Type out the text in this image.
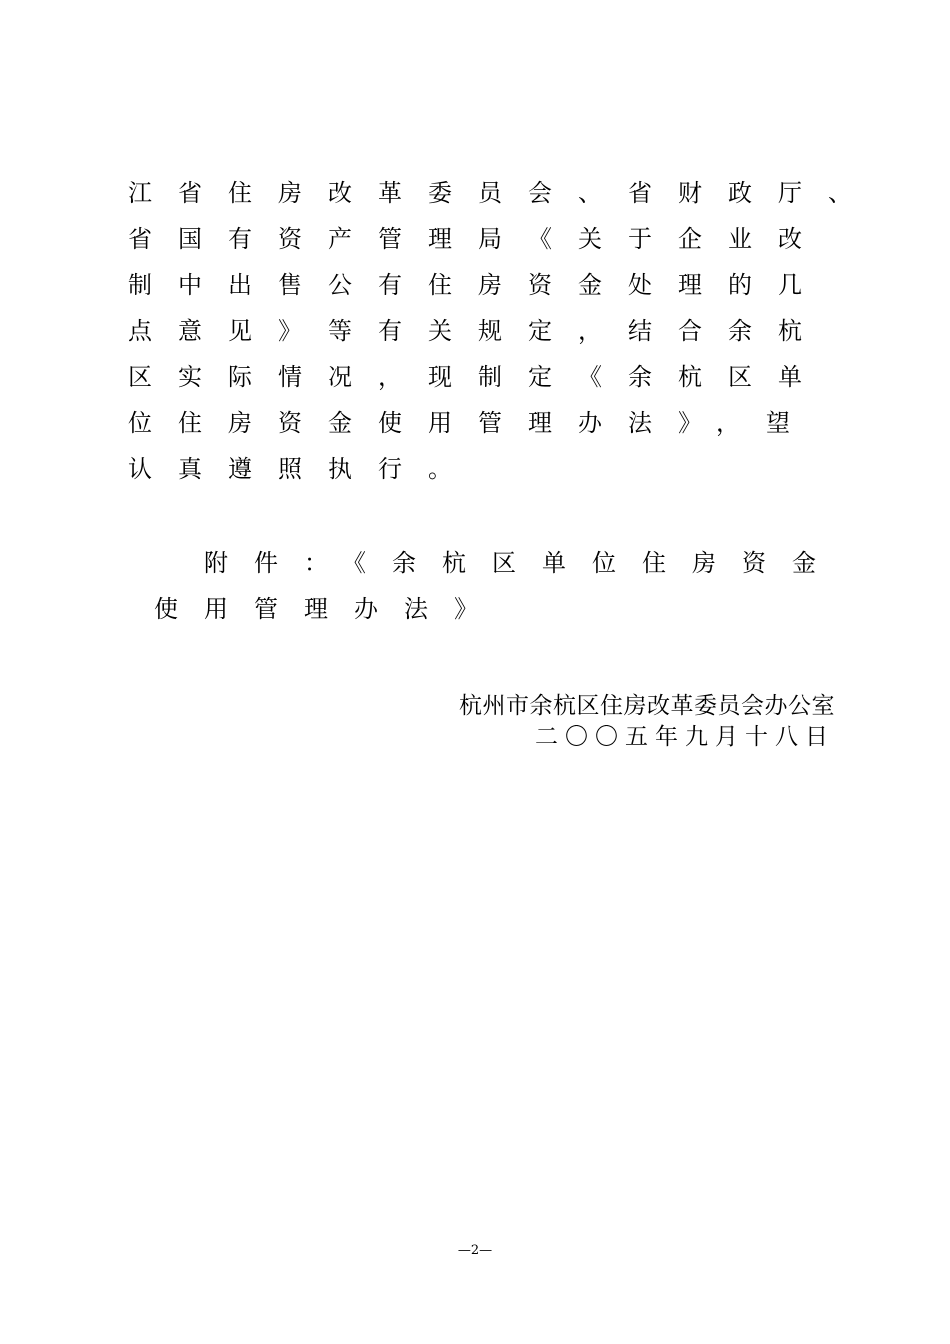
江省住房改革委员会、省财政厅、
省国有资产管理局《关于企业改
制中出售公有住房资金处理的几
点意见》等有关规定，结合余杭
区实际情况，现制定《余杭区单
位住房资金使用管理办法》，望
认真遵照执行。
附件：《余杭区单位住房资金
使用管理办法》
杭州市余杭区住房改革委员会办公室
二〇〇五年九月十八日
—2—
